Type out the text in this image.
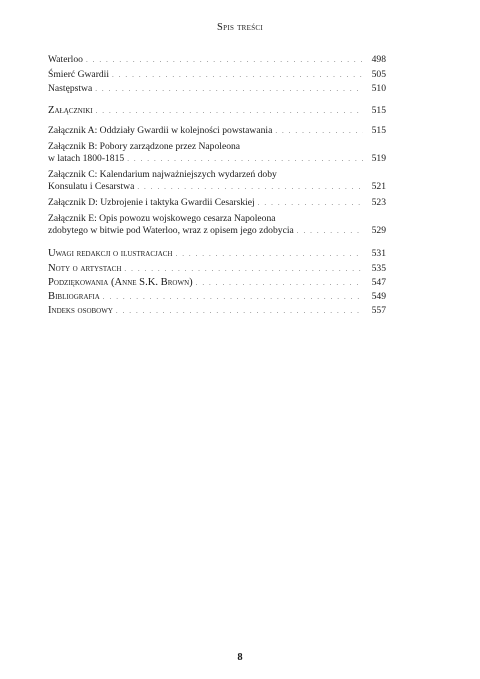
Spis treści
Waterloo . . .	498
Śmierć Gwardii . . .	505
Następstwa . . .	510
Załączniki . . .	515
Załącznik A: Oddziały Gwardii w kolejności powstawania . . .	515
Załącznik B: Pobory zarządzone przez Napoleona
w latach 1800-1815 . . .	519
Załącznik C: Kalendarium najważniejszych wydarzeń doby
Konsulatu i Cesarstwa . . .	521
Załącznik D: Uzbrojenie i taktyka Gwardii Cesarskiej . . .	523
Załącznik E: Opis powozu wojskowego cesarza Napoleona
zdobytego w bitwie pod Waterloo, wraz z opisem jego zdobycia . . .	529
Uwagi redakcji o ilustracjach . . .	531
Noty o artystach . . .	535
Podziękowania (Anne S.K. Brown) . . .	547
Bibliografia . . .	549
Indeks osobowy . . .	557
8
